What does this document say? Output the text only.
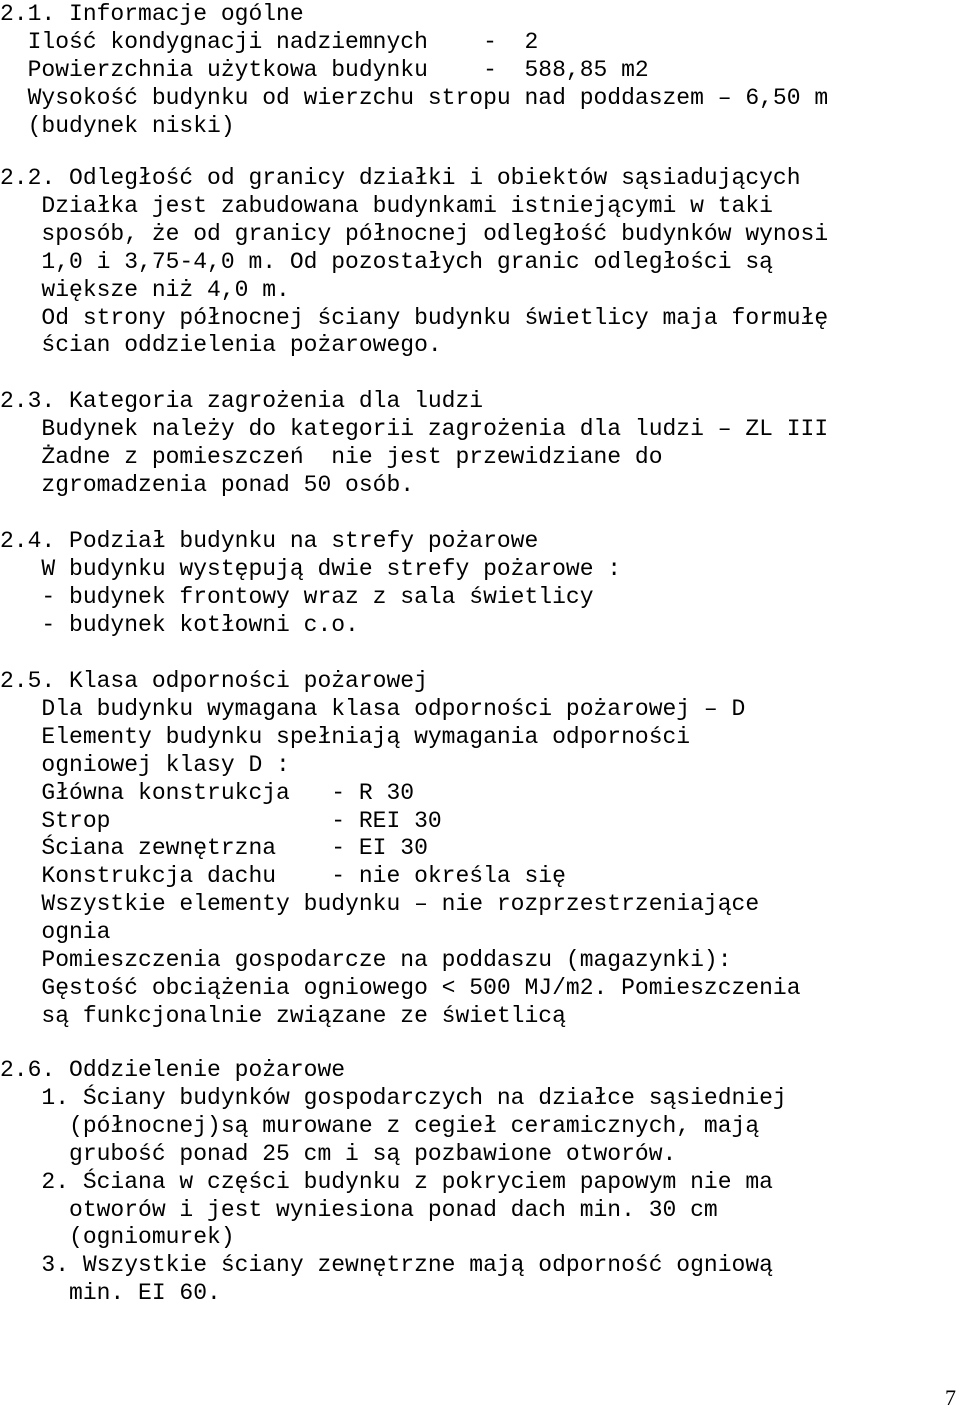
2.1. Informacje ogólne
Ilość kondygnacji nadziemnych    -  2
Powierzchnia użytkowa budynku    -  588,85 m2
Wysokość budynku od wierzchu stropu nad poddaszem – 6,50 m
(budynek niski)
2.2. Odległość od granicy działki i obiektów sąsiadujących
Działka jest zabudowana budynkami istniejącymi w taki
sposób, że od granicy północnej odległość budynków wynosi
1,0 i 3,75-4,0 m. Od pozostałych granic odległości są
większe niż 4,0 m.
Od strony północnej ściany budynku świetlicy maja formułę
ścian oddzielenia pożarowego.
2.3. Kategoria zagrożenia dla ludzi
Budynek należy do kategorii zagrożenia dla ludzi – ZL III
Żadne z pomieszczeń  nie jest przewidziane do
zgromadzenia ponad 50 osób.
2.4. Podział budynku na strefy pożarowe
W budynku występują dwie strefy pożarowe :
- budynek frontowy wraz z sala świetlicy
- budynek kotłowni c.o.
2.5. Klasa odporności pożarowej
Dla budynku wymagana klasa odporności pożarowej – D
Elementy budynku spełniają wymagania odporności
ogniowej klasy D :
Główna konstrukcja   - R 30
Strop                - REI 30
Ściana zewnętrzna    - EI 30
Konstrukcja dachu    - nie określa się
Wszystkie elementy budynku – nie rozprzestrzeniające
ognia
Pomieszczenia gospodarcze na poddaszu (magazynki):
Gęstość obciążenia ogniowego < 500 MJ/m2. Pomieszczenia
są funkcjonalnie związane ze świetlicą
2.6. Oddzielenie pożarowe
1. Ściany budynków gospodarczych na działce sąsiedniej
(północnej)są murowane z cegieł ceramicznych, mają
grubość ponad 25 cm i są pozbawione otworów.
2. Ściana w części budynku z pokryciem papowym nie ma
otworów i jest wyniesiona ponad dach min. 30 cm
(ogniomurek)
3. Wszystkie ściany zewnętrzne mają odporność ogniową
min. EI 60.
7
